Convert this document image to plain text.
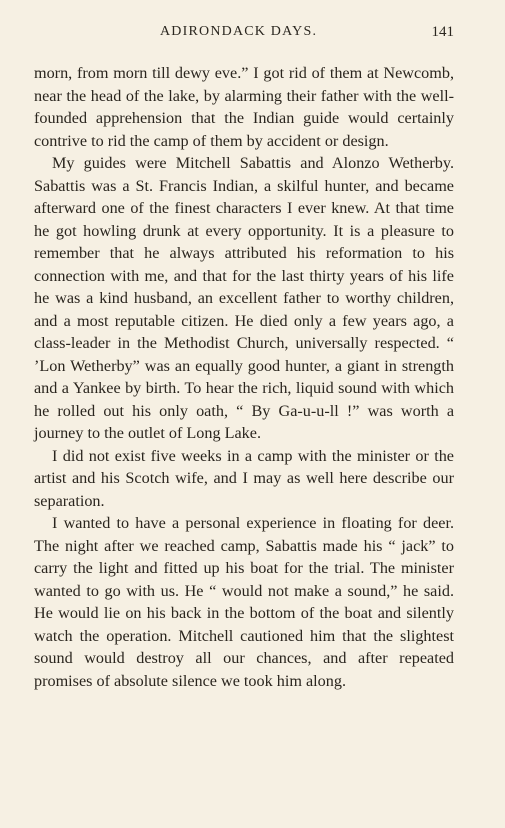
ADIRONDACK DAYS.	141

morn, from morn till dewy eve.” I got rid of them at Newcomb, near the head of the lake, by alarming their father with the well-founded apprehension that the Indian guide would certainly contrive to rid the camp of them by accident or design.

My guides were Mitchell Sabattis and Alonzo Wetherby. Sabattis was a St. Francis Indian, a skilful hunter, and became afterward one of the finest characters I ever knew. At that time he got howling drunk at every opportunity. It is a pleasure to remember that he always attributed his reformation to his connection with me, and that for the last thirty years of his life he was a kind husband, an excellent father to worthy children, and a most reputable citizen. He died only a few years ago, a class-leader in the Methodist Church, universally respected. “ ’Lon Wetherby” was an equally good hunter, a giant in strength and a Yankee by birth. To hear the rich, liquid sound with which he rolled out his only oath, “ By Ga-u-u-ll !” was worth a journey to the outlet of Long Lake.

I did not exist five weeks in a camp with the minister or the artist and his Scotch wife, and I may as well here describe our separation.

I wanted to have a personal experience in floating for deer. The night after we reached camp, Sabattis made his “ jack” to carry the light and fitted up his boat for the trial. The minister wanted to go with us. He “ would not make a sound,” he said. He would lie on his back in the bottom of the boat and silently watch the operation. Mitchell cautioned him that the slightest sound would destroy all our chances, and after repeated promises of absolute silence we took him along.
